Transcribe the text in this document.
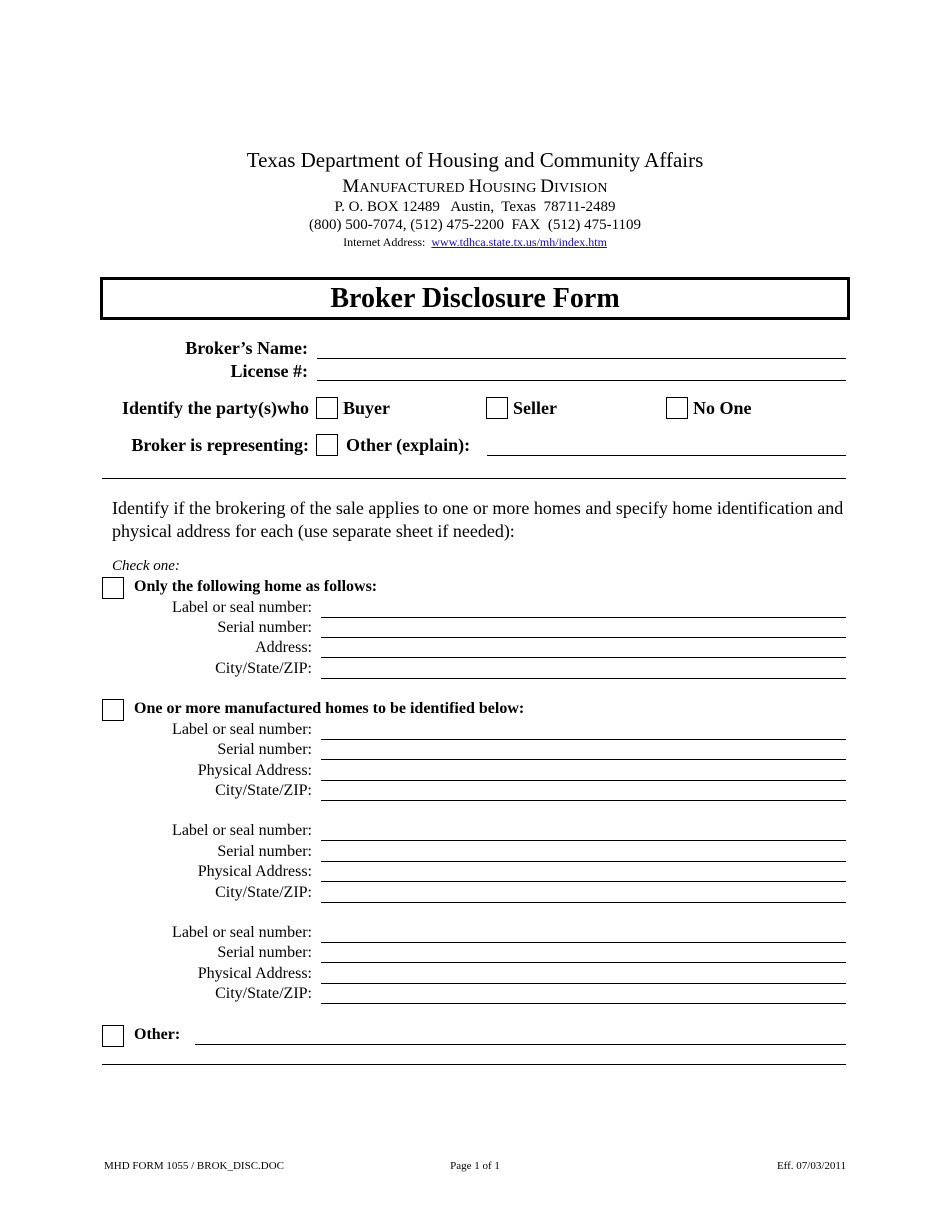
Texas Department of Housing and Community Affairs
MANUFACTURED HOUSING DIVISION
P. O. BOX 12489   Austin,  Texas  78711-2489
(800) 500-7074, (512) 475-2200  FAX  (512) 475-1109
Internet Address: www.tdhca.state.tx.us/mh/index.htm
Broker Disclosure Form
Broker’s Name:
License #:
Identify the party(s)who Buyer	Seller	No One
Broker is representing: Other (explain):
Identify if the brokering of the sale applies to one or more homes and specify home identification and physical address for each (use separate sheet if needed):
Check one:
Only the following home as follows:
Label or seal number:
Serial number:
Address:
City/State/ZIP:
One or more manufactured homes to be identified below:
Label or seal number:
Serial number:
Physical Address:
City/State/ZIP:
Label or seal number:
Serial number:
Physical Address:
City/State/ZIP:
Label or seal number:
Serial number:
Physical Address:
City/State/ZIP:
Other:
MHD FORM 1055 / BROK_DISC.DOC	Page 1 of 1	Eff. 07/03/2011
